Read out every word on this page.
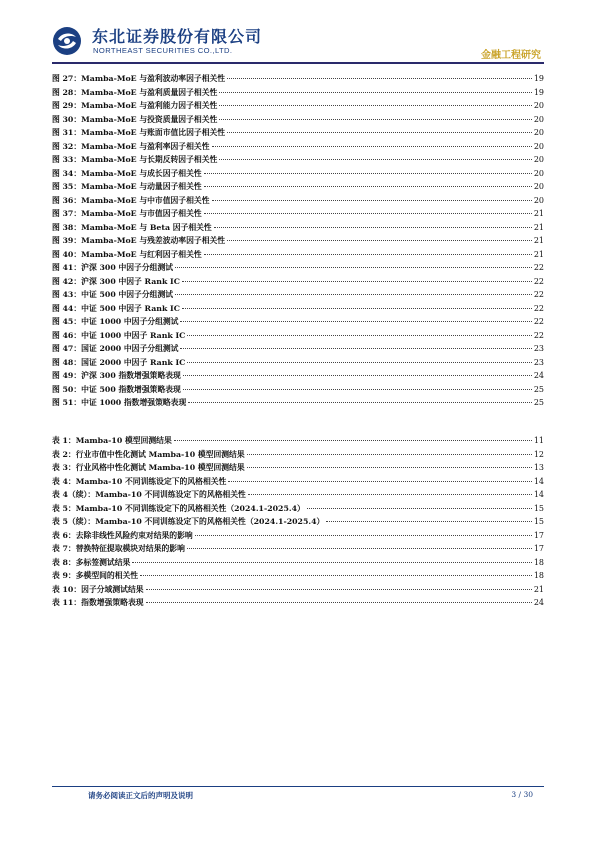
东北证券股份有限公司
NORTHEAST SECURITIES CO.,LTD.	金融工程研究
图 27：Mamba-MoE 与盈利波动率因子相关性	19
图 28：Mamba-MoE 与盈利质量因子相关性	19
图 29：Mamba-MoE 与盈利能力因子相关性	20
图 30：Mamba-MoE 与投资质量因子相关性	20
图 31：Mamba-MoE 与账面市值比因子相关性	20
图 32：Mamba-MoE 与盈利率因子相关性	20
图 33：Mamba-MoE 与长期反转因子相关性	20
图 34：Mamba-MoE 与成长因子相关性	20
图 35：Mamba-MoE 与动量因子相关性	20
图 36：Mamba-MoE 与中市值因子相关性	20
图 37：Mamba-MoE 与市值因子相关性	21
图 38：Mamba-MoE 与 Beta 因子相关性	21
图 39：Mamba-MoE 与残差波动率因子相关性	21
图 40：Mamba-MoE 与红利因子相关性	21
图 41：沪深 300 中因子分组测试	22
图 42：沪深 300 中因子 Rank IC	22
图 43：中证 500 中因子分组测试	22
图 44：中证 500 中因子 Rank IC	22
图 45：中证 1000 中因子分组测试	22
图 46：中证 1000 中因子 Rank IC	22
图 47：国证 2000 中因子分组测试	23
图 48：国证 2000 中因子 Rank IC	23
图 49：沪深 300 指数增强策略表现	24
图 50：中证 500 指数增强策略表现	25
图 51：中证 1000 指数增强策略表现	25
表 1：Mamba-10 模型回测结果	11
表 2：行业市值中性化测试 Mamba-10 模型回测结果	12
表 3：行业风格中性化测试 Mamba-10 模型回测结果	13
表 4：Mamba-10 不同训练设定下的风格相关性	14
表 4（续）：Mamba-10 不同训练设定下的风格相关性	14
表 5：Mamba-10 不同训练设定下的风格相关性（2024.1-2025.4）	15
表 5（续）：Mamba-10 不同训练设定下的风格相关性（2024.1-2025.4）	15
表 6：去除非线性风险约束对结果的影响	17
表 7：替换特征提取模块对结果的影响	17
表 8：多标签测试结果	18
表 9：多模型间的相关性	18
表 10：因子分域测试结果	21
表 11：指数增强策略表现	24
请务必阅读正文后的声明及说明	3 / 30
